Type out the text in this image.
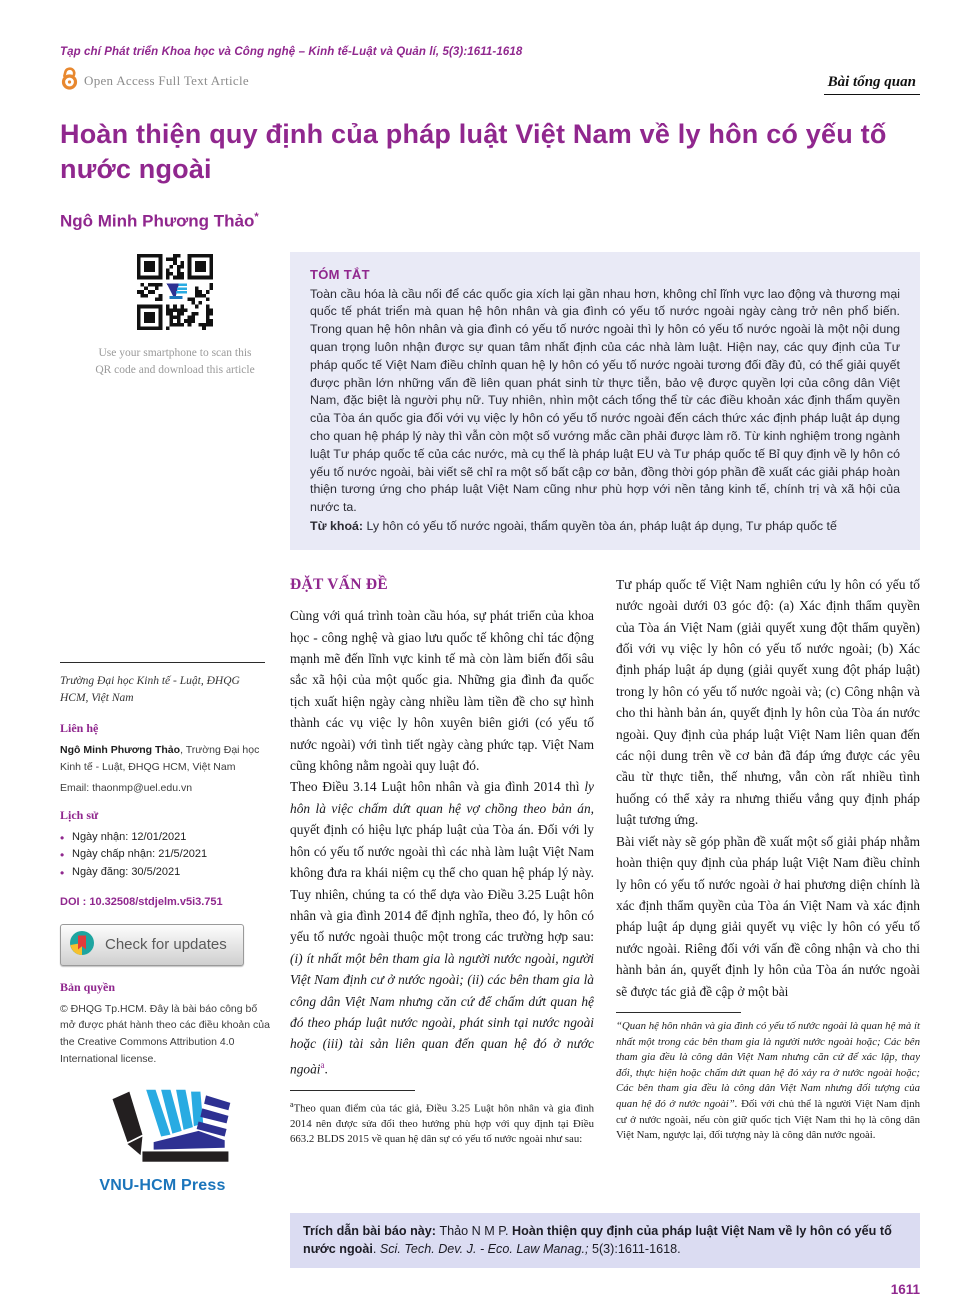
Tạp chí Phát triển Khoa học và Công nghệ – Kinh tế-Luật và Quản lí, 5(3):1611-1618
Open Access Full Text Article	Bài tổng quan
Hoàn thiện quy định của pháp luật Việt Nam về ly hôn có yếu tố nước ngoài
Ngô Minh Phương Thảo*
Use your smartphone to scan this
QR code and download this article
TÓM TẮT
Toàn cầu hóa là cầu nối để các quốc gia xích lại gần nhau hơn, không chỉ lĩnh vực lao động và thương mại quốc tế phát triển mà quan hệ hôn nhân và gia đình có yếu tố nước ngoài ngày càng trở nên phổ biến. Trong quan hệ hôn nhân và gia đình có yếu tố nước ngoài thì ly hôn có yếu tố nước ngoài là một nội dung quan trọng luôn nhận được sự quan tâm nhất định của các nhà làm luật. Hiện nay, các quy định của Tư pháp quốc tế Việt Nam điều chỉnh quan hệ ly hôn có yếu tố nước ngoài tương đối đầy đủ, có thể giải quyết được phần lớn những vấn đề liên quan phát sinh từ thực tiễn, bảo vệ được quyền lợi của công dân Việt Nam, đặc biệt là người phụ nữ. Tuy nhiên, nhìn một cách tổng thể từ các điều khoản xác định thẩm quyền của Tòa án quốc gia đối với vụ việc ly hôn có yếu tố nước ngoài đến cách thức xác định pháp luật áp dụng cho quan hệ pháp lý này thì vẫn còn một số vướng mắc cần phải được làm rõ. Từ kinh nghiệm trong ngành luật Tư pháp quốc tế của các nước, mà cụ thể là pháp luật EU và Tư pháp quốc tế Bỉ quy định về ly hôn có yếu tố nước ngoài, bài viết sẽ chỉ ra một số bất cập cơ bản, đồng thời góp phần đề xuất các giải pháp hoàn thiện tương ứng cho pháp luật Việt Nam cũng như phù hợp với nền tảng kinh tế, chính trị và xã hội của nước ta.
Từ khoá: Ly hôn có yếu tố nước ngoài, thẩm quyền tòa án, pháp luật áp dụng, Tư pháp quốc tế
Trường Đại học Kinh tế - Luật, ĐHQG HCM, Việt Nam
Liên hệ
Ngô Minh Phương Thảo, Trường Đại học Kinh tế - Luật, ĐHQG HCM, Việt Nam
Email: thaonmp@uel.edu.vn
Lịch sử
• Ngày nhận: 12/01/2021
• Ngày chấp nhận: 21/5/2021
• Ngày đăng: 30/5/2021
DOI : 10.32508/stdjelm.v5i3.751
Check for updates
Bản quyền
© ĐHQG Tp.HCM. Đây là bài báo công bố mở được phát hành theo các điều khoản của the Creative Commons Attribution 4.0 International license.
VNU-HCM Press
ĐẶT VẤN ĐỀ

Cùng với quá trình toàn cầu hóa, sự phát triển của khoa học - công nghệ và giao lưu quốc tế không chỉ tác động mạnh mẽ đến lĩnh vực kinh tế mà còn làm biến đổi sâu sắc xã hội của một quốc gia. Những gia đình đa quốc tịch xuất hiện ngày càng nhiều làm tiền đề cho sự hình thành các vụ việc ly hôn xuyên biên giới (có yếu tố nước ngoài) với tình tiết ngày càng phức tạp. Việt Nam cũng không nằm ngoài quy luật đó.

Theo Điều 3.14 Luật hôn nhân và gia đình 2014 thì ly hôn là việc chấm dứt quan hệ vợ chồng theo bản án, quyết định có hiệu lực pháp luật của Tòa án. Đối với ly hôn có yếu tố nước ngoài thì các nhà làm luật Việt Nam không đưa ra khái niệm cụ thể cho quan hệ pháp lý này. Tuy nhiên, chúng ta có thể dựa vào Điều 3.25 Luật hôn nhân và gia đình 2014 để định nghĩa, theo đó, ly hôn có yếu tố nước ngoài thuộc một trong các trường hợp sau: (i) ít nhất một bên tham gia là người nước ngoài, người Việt Nam định cư ở nước ngoài; (ii) các bên tham gia là công dân Việt Nam nhưng căn cứ để chấm dứt quan hệ đó theo pháp luật nước ngoài, phát sinh tại nước ngoài hoặc (iii) tài sản liên quan đến quan hệ đó ở nước ngoài$^a$.

$^a$Theo quan điểm của tác giả, Điều 3.25 Luật hôn nhân và gia đình 2014 nên được sửa đổi theo hướng phù hợp với quy định tại Điều 663.2 BLDS 2015 về quan hệ dân sự có yếu tố nước ngoài như sau:

Tư pháp quốc tế Việt Nam nghiên cứu ly hôn có yếu tố nước ngoài dưới 03 góc độ: (a) Xác định thẩm quyền của Tòa án Việt Nam (giải quyết xung đột thẩm quyền) đối với vụ việc ly hôn có yếu tố nước ngoài; (b) Xác định pháp luật áp dụng (giải quyết xung đột pháp luật) trong ly hôn có yếu tố nước ngoài và; (c) Công nhận và cho thi hành bản án, quyết định ly hôn của Tòa án nước ngoài. Quy định của pháp luật Việt Nam liên quan đến các nội dung trên về cơ bản đã đáp ứng được các yêu cầu từ thực tiễn, thế nhưng, vẫn còn rất nhiều tình huống có thể xảy ra nhưng thiếu vắng quy định pháp luật tương ứng.

Bài viết này sẽ góp phần đề xuất một số giải pháp nhằm hoàn thiện quy định của pháp luật Việt Nam điều chỉnh ly hôn có yếu tố nước ngoài ở hai phương diện chính là xác định thẩm quyền của Tòa án Việt Nam và xác định pháp luật áp dụng giải quyết vụ việc ly hôn có yếu tố nước ngoài. Riêng đối với vấn đề công nhận và cho thi hành bản án, quyết định ly hôn của Tòa án nước ngoài sẽ được tác giả đề cập ở một bài

“Quan hệ hôn nhân và gia đình có yếu tố nước ngoài là quan hệ mà ít nhất một trong các bên tham gia là người nước ngoài hoặc; Các bên tham gia đều là công dân Việt Nam nhưng căn cứ để xác lập, thay đổi, thực hiện hoặc chấm dứt quan hệ đó xảy ra ở nước ngoài hoặc; Các bên tham gia đều là công dân Việt Nam nhưng đối tượng của quan hệ đó ở nước ngoài”. Đối với chủ thể là người Việt Nam định cư ở nước ngoài, nếu còn giữ quốc tịch Việt Nam thì họ là công dân Việt Nam, ngược lại, đối tượng này là công dân nước ngoài.
Trích dẫn bài báo này: Thảo N M P. Hoàn thiện quy định của pháp luật Việt Nam về ly hôn có yếu tố nước ngoài. Sci. Tech. Dev. J. - Eco. Law Manag.; 5(3):1611-1618.
1611
